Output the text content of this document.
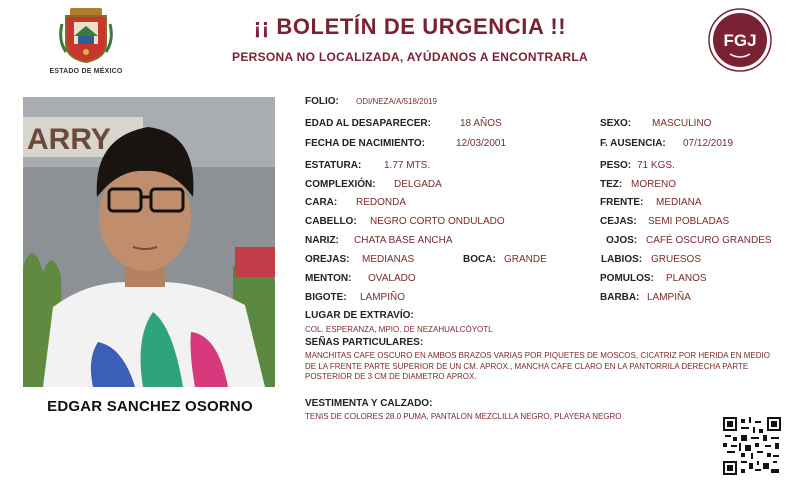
ESTADO DE MÉXICO
¡¡ BOLETÍN DE URGENCIA !!
PERSONA NO LOCALIZADA, AYÚDANOS A ENCONTRARLA
FGJ
ARRY
EDGAR SANCHEZ OSORNO
FOLIO: ODI/NEZA/A/518/2019
EDAD AL DESAPARECER:	18 AÑOS
FECHA DE NACIMIENTO:	12/03/2001
ESTATURA: 1.77 MTS.
COMPLEXIÓN: DELGADA
CARA: REDONDA
CABELLO: NEGRO CORTO ONDULADO
NARIZ: CHATA BASE ANCHA
OREJAS: MEDIANAS	BOCA: GRANDE
MENTON: OVALADO
BIGOTE: LAMPIÑO
SEXO: MASCULINO
F. AUSENCIA: 07/12/2019
PESO: 71 KGS.
TEZ: MORENO
FRENTE: MEDIANA
CEJAS: SEMI POBLADAS
OJOS: CAFÉ OSCURO GRANDES
LABIOS: GRUESOS
POMULOS: PLANOS
BARBA: LAMPIÑA
LUGAR DE EXTRAVÍO:
COL. ESPERANZA, MPIO. DE NEZAHUALCÓYOTL
SEÑAS PARTICULARES:
MANCHITAS CAFE OSCURO EN AMBOS BRAZOS VARIAS POR PIQUETES DE MOSCOS, CICATRIZ POR HERIDA EN MEDIO DE LA FRENTE PARTE SUPERIOR DE UN CM. APROX., MANCHA CAFE CLARO EN LA PANTORRILA DERECHA PARTE POSTERIOR DE 3 CM DE DIAMETRO APROX.
VESTIMENTA Y CALZADO:
TENIS DE COLORES 28.0 PUMA, PANTALON MEZCLILLA NEGRO, PLAYERA NEGRO
